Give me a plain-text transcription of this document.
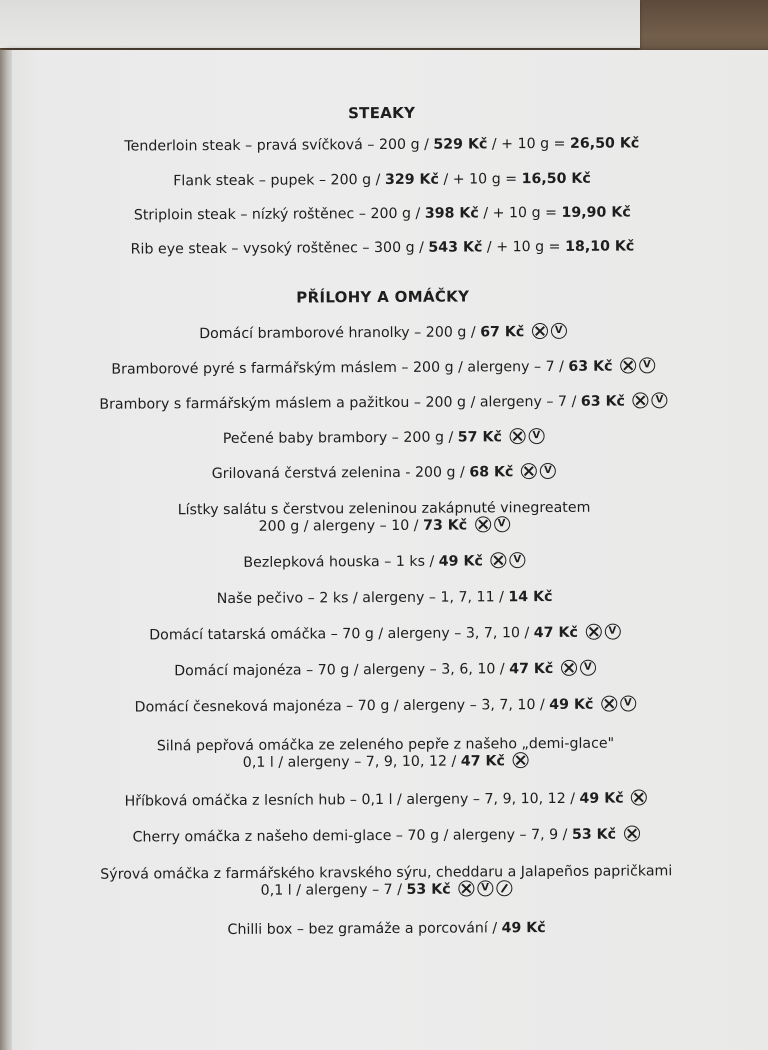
STEAKY
Tenderloin steak – pravá svíčková – 200 g / 529 Kč / + 10 g = 26,50 Kč
Flank steak – pupek – 200 g / 329 Kč / + 10 g = 16,50 Kč
Striploin steak – nízký roštěnec – 200 g / 398 Kč / + 10 g = 19,90 Kč
Rib eye steak – vysoký roštěnec – 300 g / 543 Kč / + 10 g = 18,10 Kč
PŘÍLOHY A OMÁČKY
Domácí bramborové hranolky – 200 g / 67 Kč V
Bramborové pyré s farmářským máslem – 200 g / alergeny – 7 / 63 Kč V
Brambory s farmářským máslem a pažitkou – 200 g / alergeny – 7 / 63 Kč V
Pečené baby brambory – 200 g / 57 Kč V
Grilovaná čerstvá zelenina - 200 g / 68 Kč V
Lístky salátu s čerstvou zeleninou zakápnuté vinegreatem
200 g / alergeny – 10 / 73 Kč V
Bezlepková houska – 1 ks / 49 Kč V
Naše pečivo – 2 ks / alergeny – 1, 7, 11 / 14 Kč
Domácí tatarská omáčka – 70 g / alergeny – 3, 7, 10 / 47 Kč V
Domácí majonéza – 70 g / alergeny – 3, 6, 10 / 47 Kč V
Domácí česneková majonéza – 70 g / alergeny – 3, 7, 10 / 49 Kč V
Silná pepřová omáčka ze zeleného pepře z našeho „demi-glace"
0,1 l / alergeny – 7, 9, 10, 12 / 47 Kč
Hříbková omáčka z lesních hub – 0,1 l / alergeny – 7, 9, 10, 12 / 49 Kč
Cherry omáčka z našeho demi-glace – 70 g / alergeny – 7, 9 / 53 Kč
Sýrová omáčka z farmářského kravského sýru, cheddaru a Jalapeños papričkami
0,1 l / alergeny – 7 / 53 Kč V
Chilli box – bez gramáže a porcování / 49 Kč
